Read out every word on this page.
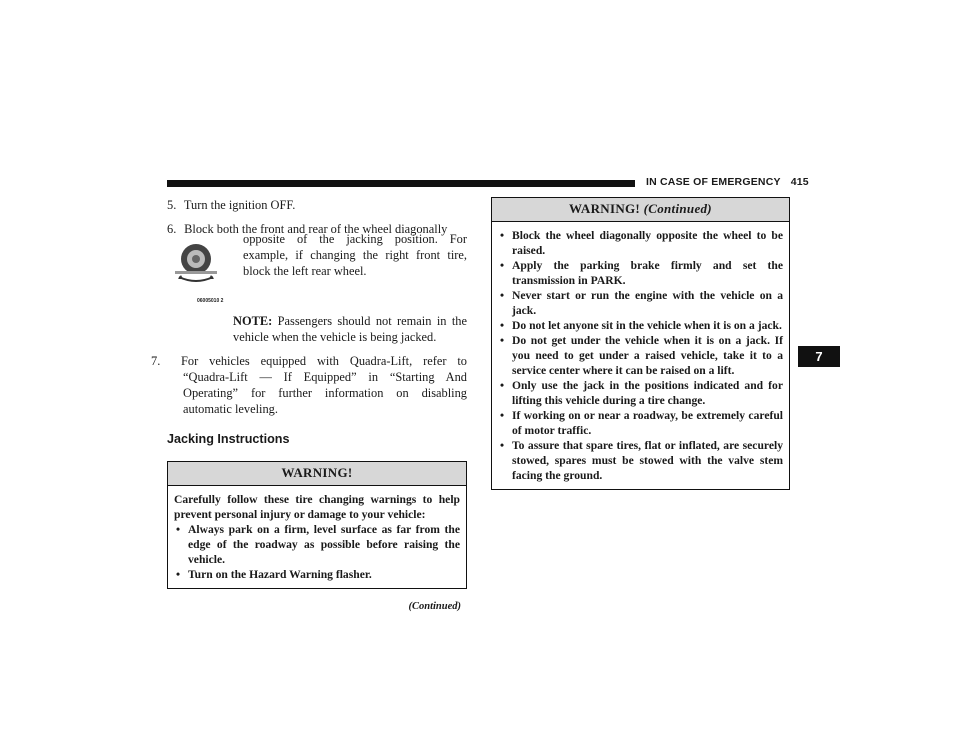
IN CASE OF EMERGENCY 415
7

5. Turn the ignition OFF.

6. Block both the front and rear of the wheel diagonally

06005010 2

opposite of the jacking position. For example, if changing the right front tire, block the left rear wheel.

NOTE: Passengers should not remain in the vehicle when the vehicle is being jacked.

7. For vehicles equipped with Quadra-Lift, refer to “Quadra-Lift — If Equipped” in “Starting And Operating” for further information on disabling automatic leveling.

Jacking Instructions
WARNING!

Carefully follow these tire changing warnings to help prevent personal injury or damage to your vehicle:

• Always park on a firm, level surface as far from the edge of the roadway as possible before raising the vehicle.
• Turn on the Hazard Warning flasher.
(Continued)
WARNING! (Continued)
• Block the wheel diagonally opposite the wheel to be raised.
• Apply the parking brake firmly and set the transmission in PARK.
• Never start or run the engine with the vehicle on a jack.
• Do not let anyone sit in the vehicle when it is on a jack.
• Do not get under the vehicle when it is on a jack. If you need to get under a raised vehicle, take it to a service center where it can be raised on a lift.
• Only use the jack in the positions indicated and for lifting this vehicle during a tire change.
• If working on or near a roadway, be extremely careful of motor traffic.
• To assure that spare tires, flat or inflated, are securely stowed, spares must be stowed with the valve stem facing the ground.
